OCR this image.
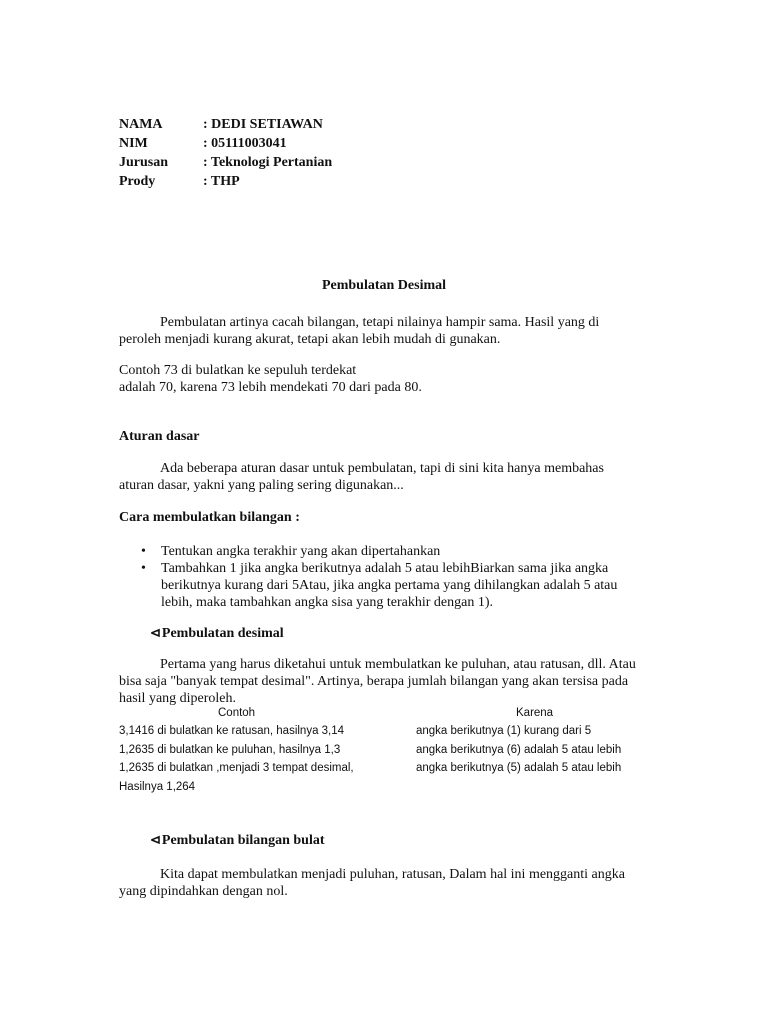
NAMA	: DEDI SETIAWAN
NIM	: 05111003041
Jurusan : Teknologi Pertanian
Prody	: THP
Pembulatan Desimal
Pembulatan artinya cacah bilangan, tetapi nilainya hampir sama. Hasil yang di peroleh menjadi kurang akurat, tetapi akan lebih mudah di gunakan.
Contoh 73 di bulatkan ke sepuluh terdekat
adalah 70, karena 73 lebih mendekati 70 dari pada 80.
Aturan dasar
Ada beberapa aturan dasar untuk pembulatan, tapi di sini kita hanya membahas aturan dasar, yakni yang paling sering digunakan...
Cara membulatkan bilangan :
• Tentukan angka terakhir yang akan dipertahankan
• Tambahkan 1 jika angka berikutnya adalah 5 atau lebihBiarkan sama jika angka berikutnya kurang dari 5Atau, jika angka pertama yang dihilangkan adalah 5 atau lebih, maka tambahkan angka sisa yang terakhir dengan 1).
⊲Pembulatan desimal
Pertama yang harus diketahui untuk membulatkan ke puluhan, atau ratusan, dll. Atau bisa saja "banyak tempat desimal". Artinya, berapa jumlah bilangan yang akan tersisa pada hasil yang diperoleh.
Contoh	Karena
3,1416 di bulatkan ke ratusan, hasilnya 3,14	angka berikutnya (1) kurang dari 5
1,2635 di bulatkan ke puluhan, hasilnya 1,3	angka berikutnya (6) adalah 5 atau lebih
1,2635 di bulatkan ,menjadi 3 tempat desimal,	angka berikutnya (5) adalah 5 atau lebih
Hasilnya 1,264
⊲Pembulatan bilangan bulat
Kita dapat membulatkan menjadi puluhan, ratusan, Dalam hal ini mengganti angka yang dipindahkan dengan nol.
